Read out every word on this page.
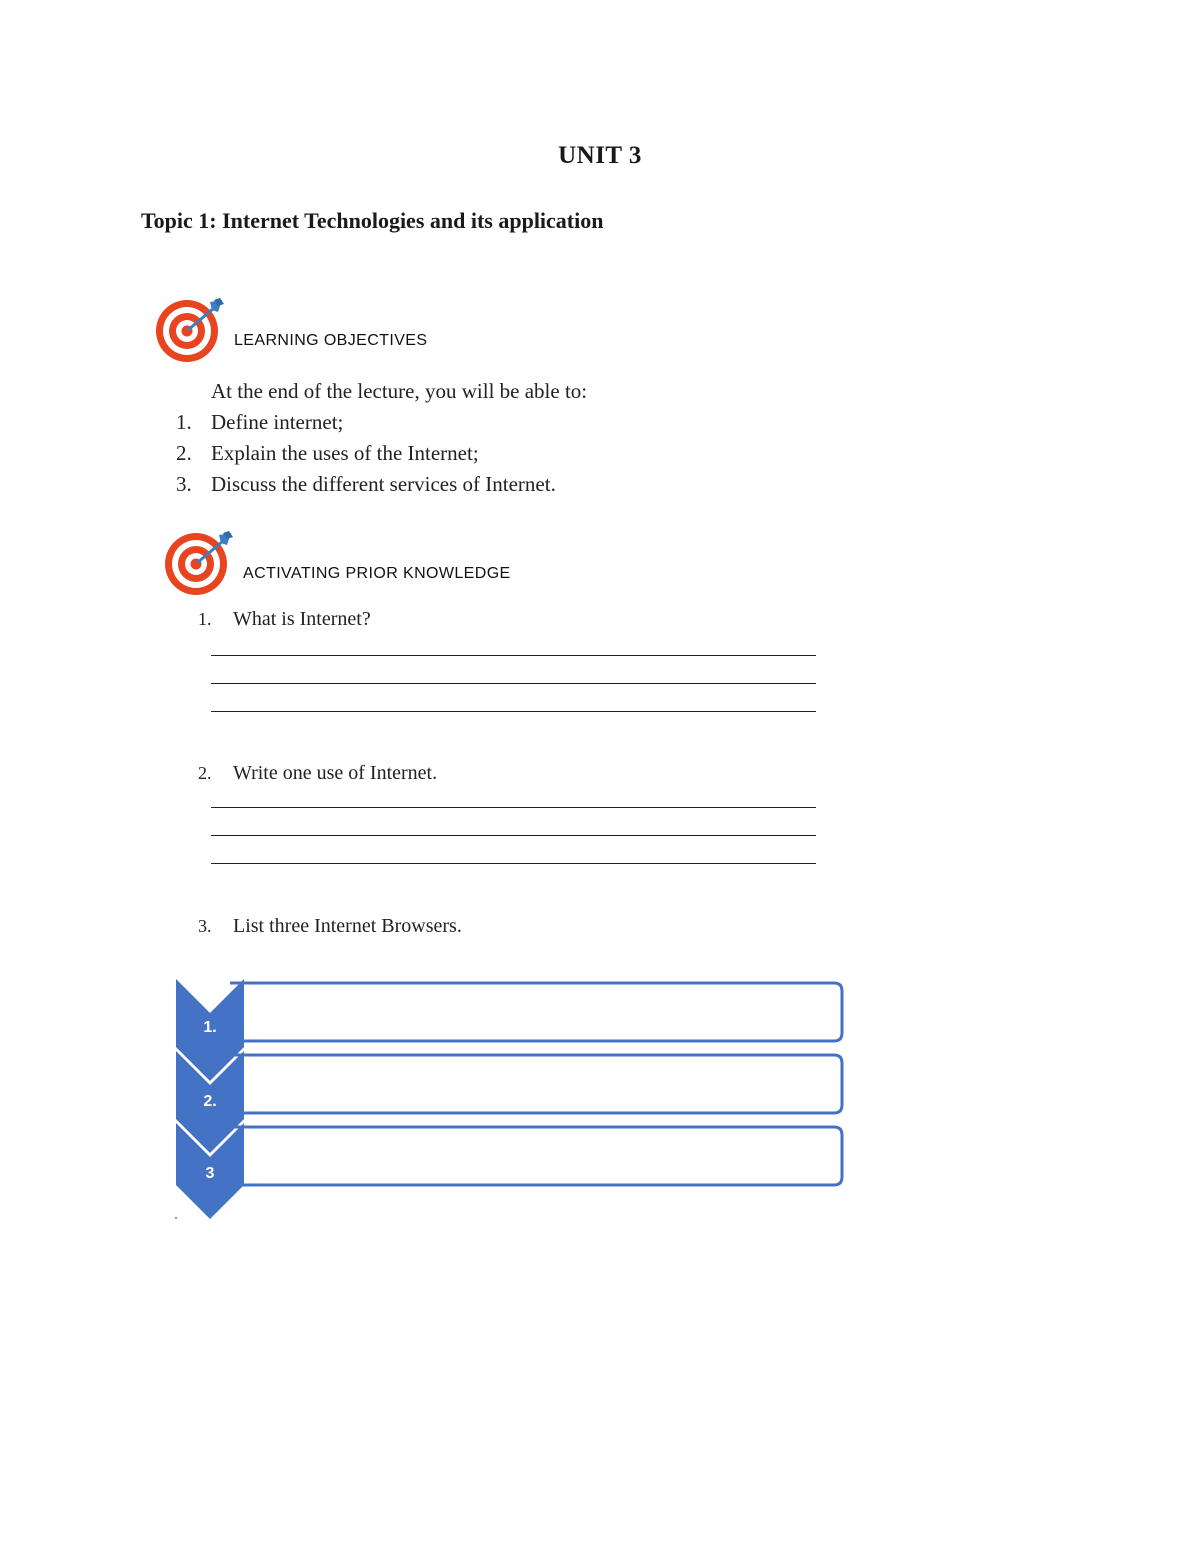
UNIT 3
Topic 1: Internet Technologies and its application
LEARNING OBJECTIVES
At the end of the lecture, you will be able to:
1. Define internet;
2. Explain the uses of the Internet;
3. Discuss the different services of Internet.
ACTIVATING PRIOR KNOWLEDGE
1. What is Internet?
2. Write one use of Internet.
3. List three Internet Browsers.
1.
2.
3
